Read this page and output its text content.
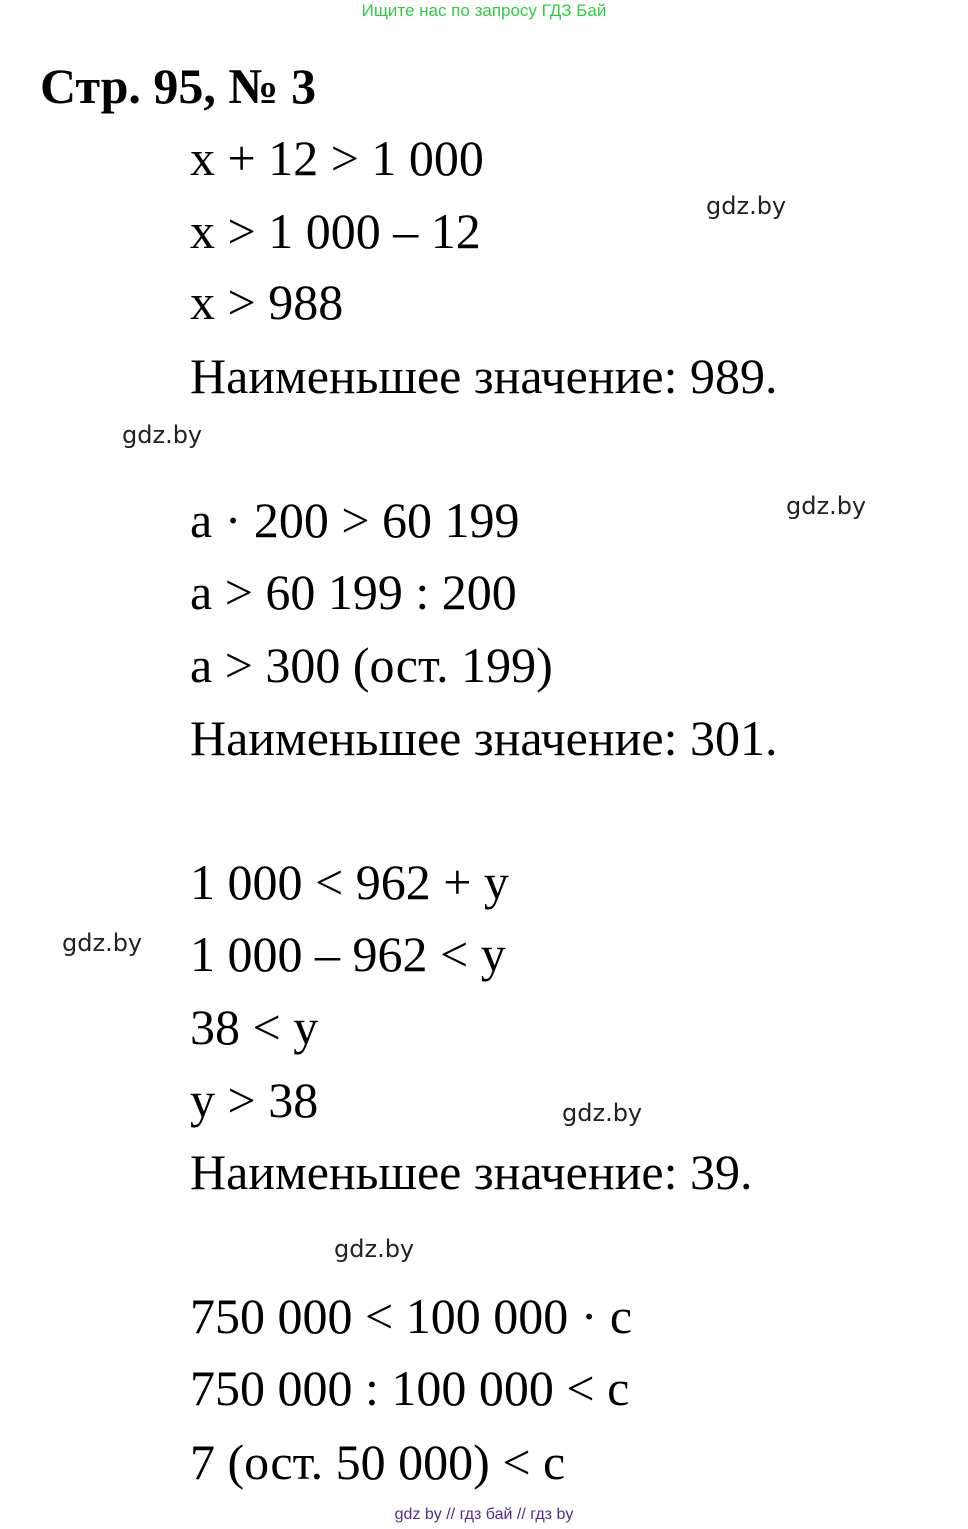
Ищите нас по запросу ГДЗ Бай
Стр. 95, № 3
x + 12 > 1 000
x > 1 000 – 12
x > 988
Наименьшее значение: 989.
a · 200 > 60 199
a > 60 199 : 200
a > 300 (ост. 199)
Наименьшее значение: 301.
1 000 < 962 + y
1 000 – 962 < y
38 < y
y > 38
Наименьшее значение: 39.
750 000 < 100 000 · c
750 000 : 100 000 < c
7 (ост. 50 000) < c
gdz.by
gdz.by
gdz.by
gdz.by
gdz.by
gdz.by
gdz by // гдз бай // гдз by
